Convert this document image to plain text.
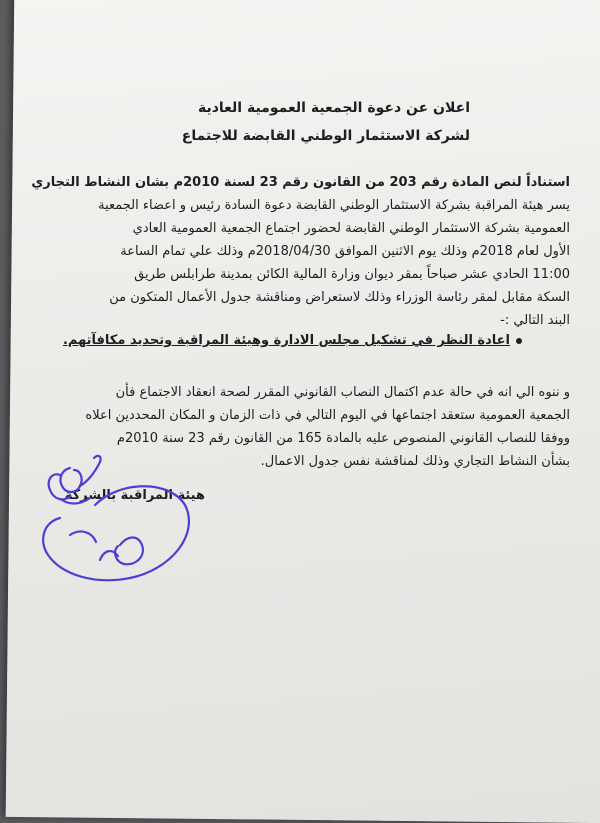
اعلان عن دعوة الجمعية العمومية العادية
لشركة الاستثمار الوطني القابضة للاجتماع
استناداً لنص المادة رقم 203 من القانون رقم 23 لسنة 2010م بشان النشاط التجاري
يسر هيئة المراقبة بشركة الاستثمار الوطني القابضة دعوة السادة رئيس و اعضاء الجمعية
العمومية بشركة الاستثمار الوطني القابضة لحضور اجتماع الجمعية العمومية العادي
الأول لعام 2018م وذلك يوم الاثنين الموافق 2018/04/30م وذلك علي تمام الساعة
11:00 الحادي عشر صباحاً بمقر ديوان وزارة المالية الكائن بمدينة طرابلس طريق
السكة مقابل لمقر رئاسة الوزراء وذلك لاستعراض ومناقشة جدول الأعمال المتكون من
البند التالي :-
اعادة النظر في تشكيل مجلس الادارة وهيئة المراقبة وتحديد مكافآتهم.
و ننوه الي انه في حالة عدم اكتمال النصاب القانوني المقرر لصحة انعقاد الاجتماع فأن
الجمعية العمومية ستعقد اجتماعها في اليوم التالي في ذات الزمان و المكان المحددين اعلاه
ووفقا للنصاب القانوني المنصوص عليه بالمادة 165 من القانون رقم 23 سنة 2010م
بشأن النشاط التجاري وذلك لمناقشة نفس جدول الاعمال.
هيئة المراقبة بالشركة
